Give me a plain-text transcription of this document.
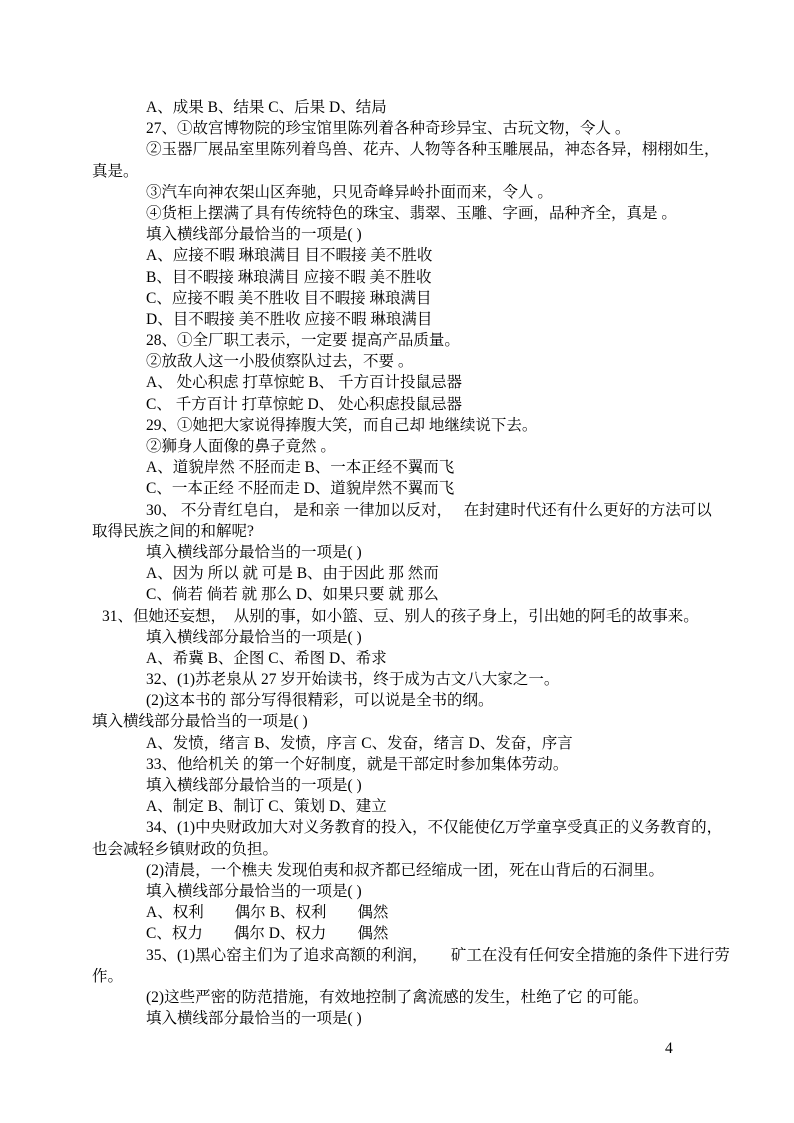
A、成果 B、结果 C、后果 D、结局
27、①故宫博物院的珍宝馆里陈列着各种奇珍异宝、古玩文物，令人 。
②玉器厂展品室里陈列着鸟兽、花卉、人物等各种玉雕展品，神态各异，栩栩如生，
真是。
③汽车向神农架山区奔驰，只见奇峰异岭扑面而来，令人 。
④货柜上摆满了具有传统特色的珠宝、翡翠、玉雕、字画，品种齐全，真是 。
填入横线部分最恰当的一项是( )
A、应接不暇 琳琅满目 目不暇接 美不胜收
B、目不暇接 琳琅满目 应接不暇 美不胜收
C、应接不暇 美不胜收 目不暇接 琳琅满目
D、目不暇接 美不胜收 应接不暇 琳琅满目
28、①全厂职工表示，一定要 提高产品质量。
②放敌人这一小股侦察队过去，不要 。
A、 处心积虑 打草惊蛇 B、 千方百计投鼠忌器
C、 千方百计 打草惊蛇 D、 处心积虑投鼠忌器
29、①她把大家说得捧腹大笑，而自己却 地继续说下去。
②狮身人面像的鼻子竟然 。
A、道貌岸然 不胫而走 B、一本正经不翼而飞
C、一本正经 不胫而走 D、道貌岸然不翼而飞
30、 不分青红皂白， 是和亲 一律加以反对，　 在封建时代还有什么更好的方法可以
取得民族之间的和解呢?
填入横线部分最恰当的一项是( )
A、因为 所以 就 可是 B、由于因此 那 然而
C、倘若 倘若 就 那么 D、如果只要 就 那么
31、但她还妄想，　从别的事，如小篮、豆、别人的孩子身上，引出她的阿毛的故事来。
填入横线部分最恰当的一项是( )
A、希冀 B、企图 C、希图 D、希求
32、(1)苏老泉从 27 岁开始读书，终于成为古文八大家之一。
(2)这本书的 部分写得很精彩，可以说是全书的纲。
填入横线部分最恰当的一项是( )
A、发愤，绪言 B、发愤，序言 C、发奋，绪言 D、发奋，序言
33、他给机关 的第一个好制度，就是干部定时参加集体劳动。
填入横线部分最恰当的一项是( )
A、制定 B、制订 C、策划 D、建立
34、(1)中央财政加大对义务教育的投入，不仅能使亿万学童享受真正的义务教育的，
也会减轻乡镇财政的负担。
(2)清晨，一个樵夫 发现伯夷和叔齐都已经缩成一团，死在山背后的石洞里。
填入横线部分最恰当的一项是( )
A、权利　　偶尔 B、权利　　偶然
C、权力　　偶尔 D、权力　　偶然
35、(1)黑心窑主们为了追求高额的利润，　　矿工在没有任何安全措施的条件下进行劳
作。
(2)这些严密的防范措施，有效地控制了禽流感的发生，杜绝了它 的可能。
填入横线部分最恰当的一项是( )
4
